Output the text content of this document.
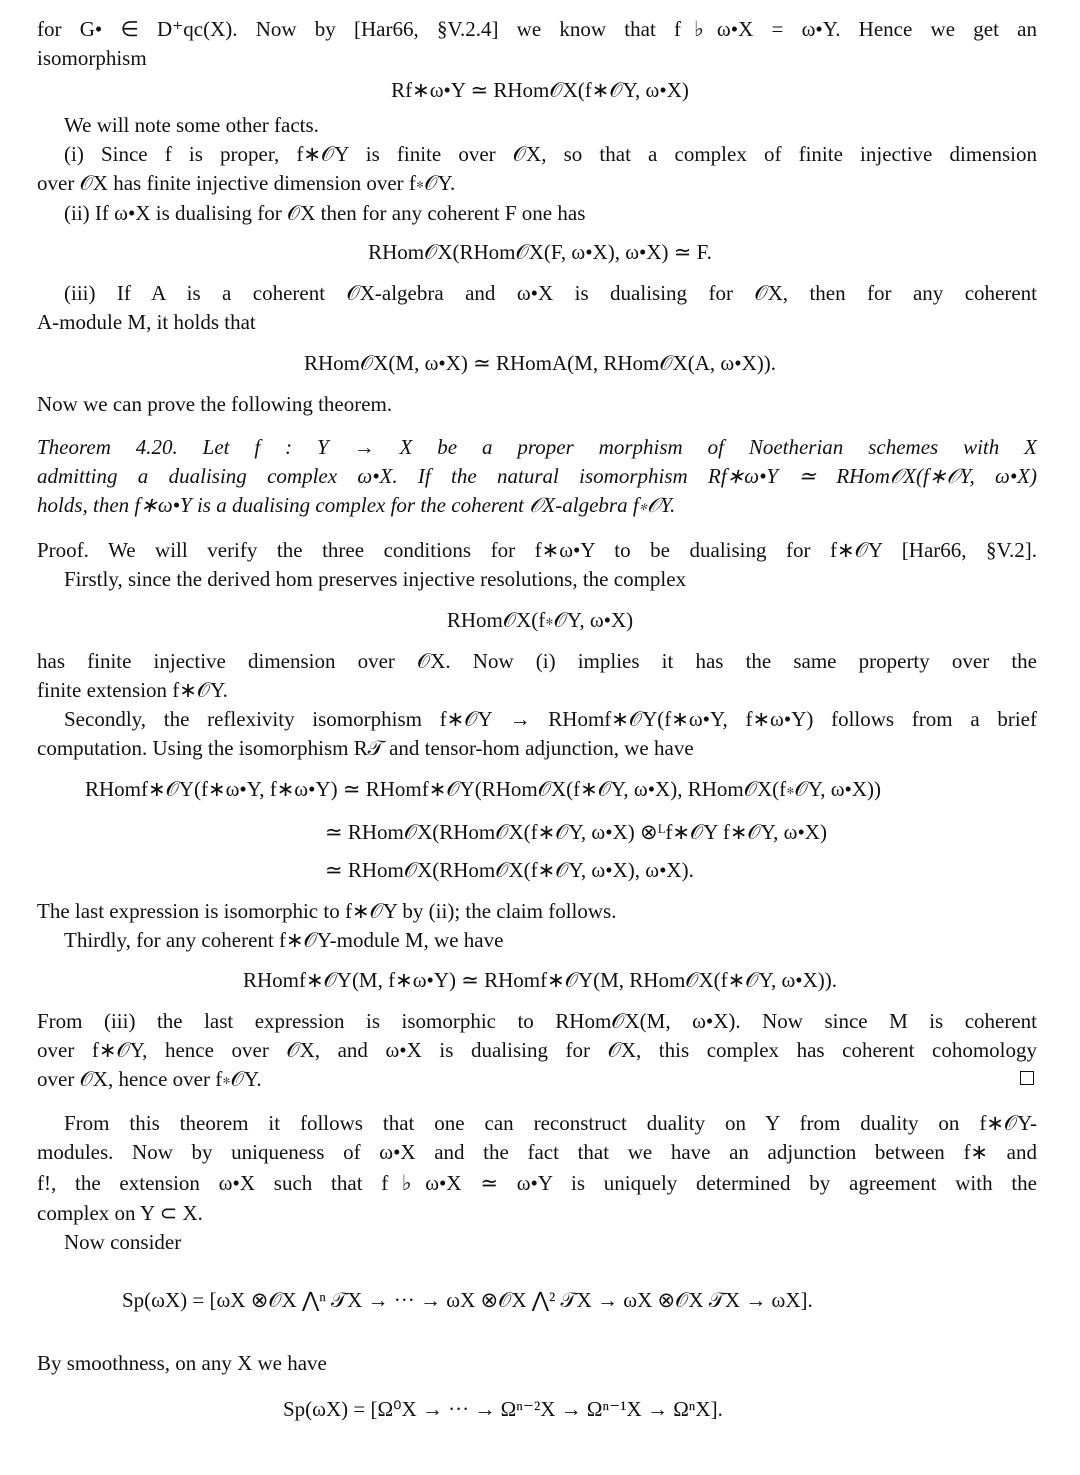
for G• ∈ D⁺qc(X). Now by [Har66, §V.2.4] we know that f♭ω•X = ω•Y. Hence we get an
isomorphism
Rf∗ω•Y ≃ RHom𝒪X(f∗𝒪Y, ω•X)
We will note some other facts.
(i) Since f is proper, f∗𝒪Y is finite over 𝒪X, so that a complex of finite injective dimension
over 𝒪X has finite injective dimension over f∗𝒪Y.
(ii) If ω•X is dualising for 𝒪X then for any coherent F one has
RHom𝒪X(RHom𝒪X(F, ω•X), ω•X) ≃ F.
(iii) If A is a coherent 𝒪X-algebra and ω•X is dualising for 𝒪X, then for any coherent
A-module M, it holds that
RHom𝒪X(M, ω•X) ≃ RHomA(M, RHom𝒪X(A, ω•X)).
Now we can prove the following theorem.
Theorem 4.20. Let f : Y → X be a proper morphism of Noetherian schemes with X
admitting a dualising complex ω•X. If the natural isomorphism Rf∗ω•Y ≃ RHom𝒪X(f∗𝒪Y, ω•X)
holds, then f∗ω•Y is a dualising complex for the coherent 𝒪X-algebra f∗𝒪Y.
Proof. We will verify the three conditions for f∗ω•Y to be dualising for f∗𝒪Y [Har66, §V.2].
Firstly, since the derived hom preserves injective resolutions, the complex
RHom𝒪X(f∗𝒪Y, ω•X)
has finite injective dimension over 𝒪X. Now (i) implies it has the same property over the
finite extension f∗𝒪Y.
Secondly, the reflexivity isomorphism f∗𝒪Y → RHomf∗𝒪Y(f∗ω•Y, f∗ω•Y) follows from a brief
computation. Using the isomorphism R𝒯 and tensor-hom adjunction, we have
RHomf∗𝒪Y(f∗ω•Y, f∗ω•Y) ≃ RHomf∗𝒪Y(RHom𝒪X(f∗𝒪Y, ω•X), RHom𝒪X(f∗𝒪Y, ω•X))
≃ RHom𝒪X(RHom𝒪X(f∗𝒪Y, ω•X) ⊗ᴸf∗𝒪Y f∗𝒪Y, ω•X)
≃ RHom𝒪X(RHom𝒪X(f∗𝒪Y, ω•X), ω•X).
The last expression is isomorphic to f∗𝒪Y by (ii); the claim follows.
Thirdly, for any coherent f∗𝒪Y-module M, we have
RHomf∗𝒪Y(M, f∗ω•Y) ≃ RHomf∗𝒪Y(M, RHom𝒪X(f∗𝒪Y, ω•X)).
From (iii) the last expression is isomorphic to RHom𝒪X(M, ω•X). Now since M is coherent
over f∗𝒪Y, hence over 𝒪X, and ω•X is dualising for 𝒪X, this complex has coherent cohomology
over 𝒪X, hence over f∗𝒪Y.
From this theorem it follows that one can reconstruct duality on Y from duality on f∗𝒪Y-
modules. Now by uniqueness of ω•X and the fact that we have an adjunction between f∗ and
f!, the extension ω•X such that f♭ω•X ≃ ω•Y is uniquely determined by agreement with the
complex on Y ⊂ X.
Now consider
Sp(ωX) = [ωX ⊗𝒪X ⋀ⁿ 𝒯X → ··· → ωX ⊗𝒪X ⋀² 𝒯X → ωX ⊗𝒪X 𝒯X → ωX].
By smoothness, on any X we have
Sp(ωX) = [Ω⁰X → ··· → Ωⁿ⁻²X → Ωⁿ⁻¹X → ΩⁿX].
